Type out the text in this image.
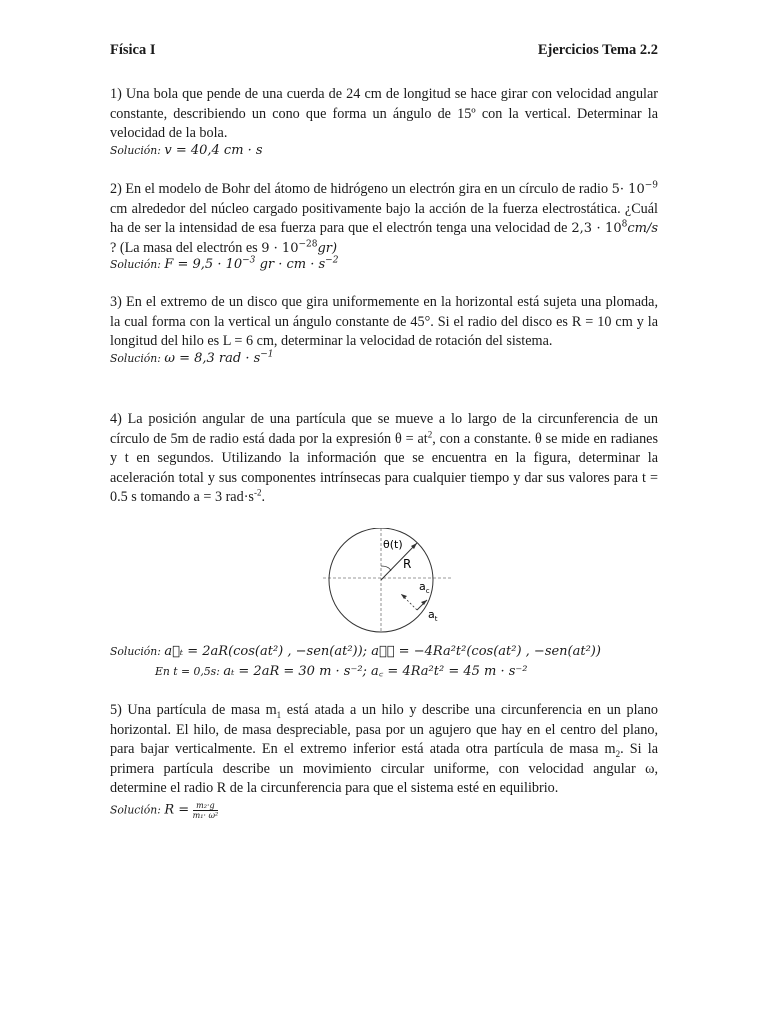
Física I	Ejercicios Tema 2.2

1) Una bola que pende de una cuerda de 24 cm de longitud se hace girar con velocidad angular constante, describiendo un cono que forma un ángulo de 15º con la vertical. Determinar la velocidad de la bola.

Solución: v = 40,4 cm · s

2) En el modelo de Bohr del átomo de hidrógeno un electrón gira en un círculo de radio $5\cdot 10^{-9}$ cm alrededor del núcleo cargado positivamente bajo la acción de la fuerza electrostática. ¿Cuál ha de ser la intensidad de esa fuerza para que el electrón tenga una velocidad de $2,3 \cdot 10^8cm/s$ ? (La masa del electrón es $9 \cdot 10^{-28}gr$)

Solución: $F = 9,5 \cdot 10^{-3}$ gr · cm · $s^{-2}$

3) En el extremo de un disco que gira uniformemente en la horizontal está sujeta una plomada, la cual forma con la vertical un ángulo constante de 45°. Si el radio del disco es R = 10 cm y la longitud del hilo es L = 6 cm, determinar la velocidad de rotación del sistema.

Solución: ω = 8,3 rad · $s^{-1}$

4) La posición angular de una partícula que se mueve a lo largo de la circunferencia de un círculo de 5m de radio está dada por la expresión $\theta = at^2$, con a constante. θ se mide en radianes y t en segundos. Utilizando la información que se encuentra en la figura, determinar la aceleración total y sus componentes intrínsecas para cualquier tiempo y dar sus valores para t = 0.5 s tomando a = 3 $rad\cdot s^{-2}$.

θ(t)
R
$a_c$
$a_t$
Solución: a⃗ₜ = 2aR(cos(at²) , −sen(at²)); a⃗꜀ = −4Ra²t²(cos(at²) , −sen(at²))
En t = 0,5s: aₜ = 2aR = 30 m · s⁻²; a꜀ = 4Ra²t² = 45 m · s⁻²

5) Una partícula de masa $m_1$ está atada a un hilo y describe una circunferencia en un plano horizontal. El hilo, de masa despreciable, pasa por un agujero que hay en el centro del plano, para bajar verticalmente. En el extremo inferior está atada otra partícula de masa $m_2$. Si la primera partícula describe un movimiento circular uniforme, con velocidad angular ω, determine el radio R de la circunferencia para que el sistema esté en equilibrio.

Solución: $R = \frac{\text{m₂·g}}{\text{m₁· ω²}}$
